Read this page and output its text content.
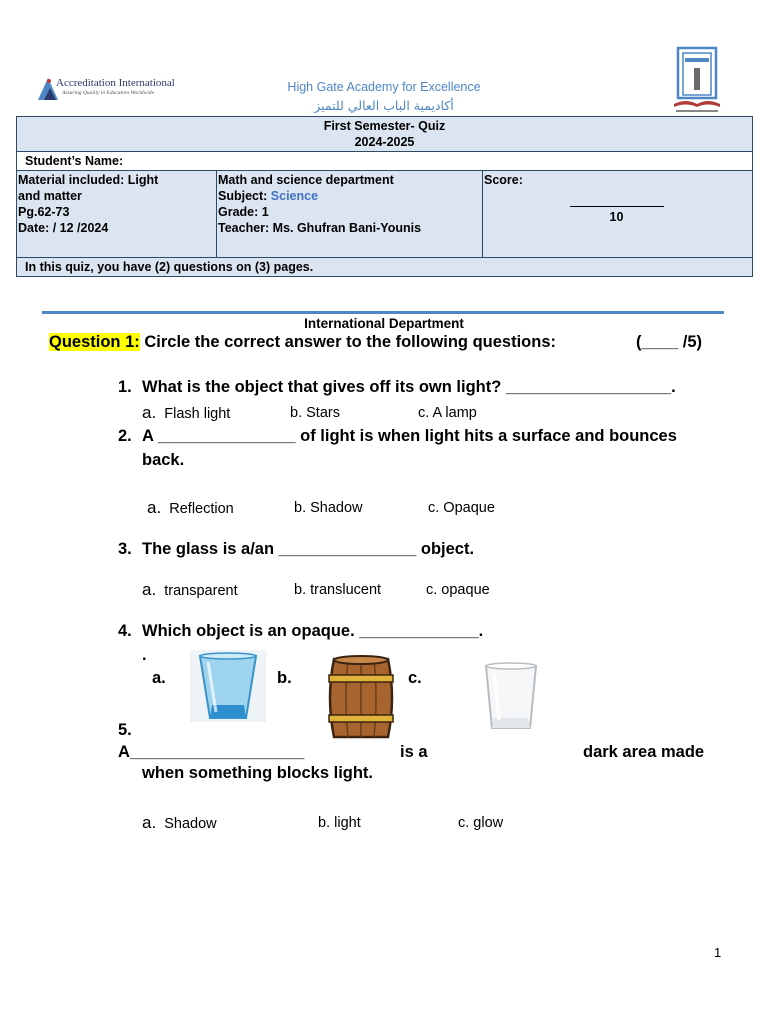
Accreditation International
Assuring Quality in Education Worldwide	High Gate Academy for Excellence
أكاديمية الباب العالي للتميز
First Semester- Quiz
2024-2025

Student’s Name:

Material included: Light
and matter
Pg.62-73
Date: / 12 /2024

Math and science department
Subject: Science
Grade: 1
Teacher: Ms. Ghufran Bani-Younis

Score:
10

In this quiz, you have (2) questions on (3) pages.
International Department
Question 1: Circle the correct answer to the following questions:	(____ /5)
1. What is the object that gives off its own light? __________________.
a. Flash light	b. Stars	c. A lamp
2. A _______________ of light is when light hits a surface and bounces
back.
a. Reflection	b. Shadow	c. Opaque
3. The glass is a/an _______________ object.
a. transparent	b. translucent	c. opaque
4. Which object is an opaque. _____________.
.
a.	b.	c.
5.
A___________________	is a	dark area made
when something blocks light.
a. Shadow	b. light	c. glow
1
